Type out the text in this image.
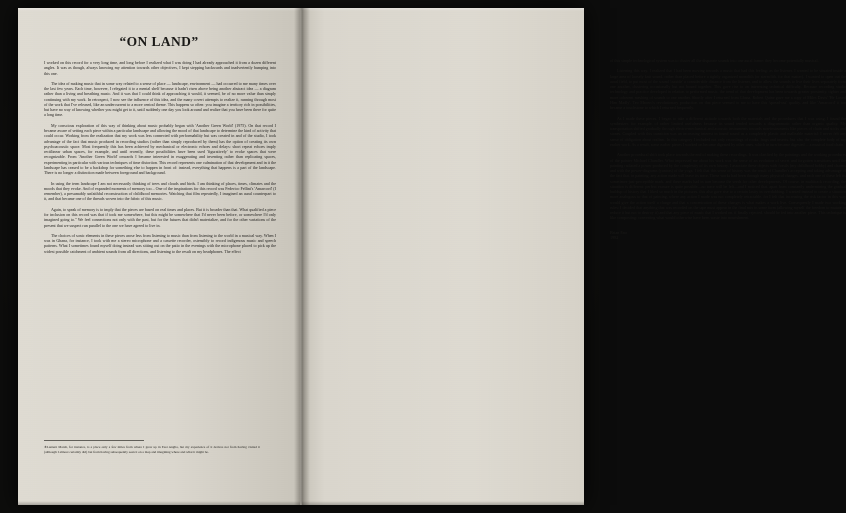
“ON LAND”

I worked on this record for a very long time, and long before I realized what I was doing I had already approached it from a dozen different angles. It was as though, always knowing my attention towards other objectives, I kept stepping backwards and inadvertently bumping into this one.

The idea of making music that in some way related to a sense of place — landscape, environment — had occurred to me many times over the last few years. Each time, however, I relegated it to a mental shelf because it hadn't risen above being another abstract idea — a diagram rather than a living and breathing music. And it was that I could think of approaching it would, it seemed, be of no more value than simply continuing with my work. In retrospect, I now see the influence of this idea, and the many covert attempts to realize it, running through most of the work that I've released, like an undercurrent to a more central theme. This happens so often: you imagine a territory rich in possibilities, but have no way of knowing whether you might get to it, until suddenly one day you look around and realize that you have been there for quite a long time.

My conscious exploration of this way of thinking about music probably began with 'Another Green World' (1975). On that record I became aware of setting each piece within a particular landscape and allowing the mood of that landscape to determine the kind of activity that could occur. Working from the realization that my work was less connected with performability but was created in and of the studio, I took advantage of the fact that music produced in recording studios (rather than simply reproduced by them) has the option of creating its own psychoacoustic space. Most frequently this has been achieved by mechanical or electronic echoes and delays: short repeat echoes imply rectilinear urban spaces, for example, and until recently, these possibilities have been used 'figuratively' to evoke spaces that were recognizable. From 'Another Green World' onwards I became interested in exaggerating and inventing rather than replicating spaces, experimenting in particular with various techniques of time distortion. This record represents one culmination of that development and in it the landscape has ceased to be a backdrop for something else to happen in front of: instead, everything that happens is a part of the landscape. There is no longer a distinction made between foreground and background.

In using the term landscape I am not necessarily thinking of trees and clouds and birds. I am thinking of places, times, climates and the moods that they evoke. And of expanded moments of memory too... One of the inspirations for this record was Federico Fellini's 'Amarcord' (I remember), a presumably unfaithful reconstruction of childhood memories. Watching that film repeatedly, I imagined an aural counterpart to it, and that became one of the threads woven into the fabric of this music.

Again, to speak of memory is to imply that the pieces are based on real times and places. But it is broader than that. What qualified a piece for inclusion on this record was that if took me somewhere, but this might be somewhere that I'd never been before, or somewhere I'd only imagined going to." We feel connections not only with the past, but for the futures that didn't materialize, and for the other variations of the present that we suspect run parallel to the one we have agreed to live in.

The choices of sonic elements in these pieces arose less from listening to music than from listening to the world in a musical way. When I was in Ghana, for instance, I took with me a stereo microphone and a cassette recorder, ostensibly to record indigenous music and speech patterns. What I sometimes found myself doing instead was sitting out on the patio in the evenings with the microphone placed to pick up the widest possible catchment of ambient sounds from all directions, and listening to the result on my headphones. The effect

∗Lantern Marsh, for instance, is a place only a few miles from where I grew up in East Anglia, but my experience of it derives not from having visited it (although I almost certainly did) but from having subsequently seen it on a map and imagining where and what it might be.

of this simple technological system was to cluster all the disparate sounds into one aural frame: they become potentially musical.

Listening this way, I realized that I had been moving towards a music that had this feeling: as the listener, I wanted to be situated inside a large area of loosely knit sound, rather than placed before a tightly organized monolith (or stereolith, for that matter). I wanted to open out the aural field, to put most of the sound 'outside' a considerable distance from the listener, and to allow the sounds to live their lives separately from one another, clustering occasionally but not bound together. This gave rise to an interesting technical difficulty. Because recording studio technology and practice developed in relation to performed music, the trend of that development has been towards greater proximity, tighter and more coherent meshing of sounds to one another. Shortly after I returned from Ghana, Robert Quine gave me a copy of Miles Davis' 'He Loved Him Madly', Teo Macero's revolutionary production on that piece seemed to me to have this 'spread-out' quality, and like 'Amarcord' it too became a touchstone to which I returned frequently.

As I made these pieces, I began to take a different attitude towards both the materials and the procedures that I was using. I found the synthesizer, for example, of rather limited usefulness because its sound tended towards a diagrammatic rather than organic quality. My transportation shifted gradually through electro-mechanical and acoustic instruments towards non-instruments like pieces of chain and sticks and stones. Coupled with this transition was an increasing interest in found sound as a completely plastic and malleable material: I never felt any sense of obligation about realism. In this category I included not only recordings of rooks, frogs and insects, but also the complete body of my earlier work. As a result, some earlier pieces I worked on became digested by other ones, which in turn became digested ... a musical food chain.

Another procedural shift took place towards the end of making these recordings. It was clarified by the paintings and the working procedures of the painter Michael Chandler. What impressed me about his work was the sense of an evolution of secret and forgotten transitions until the painting radiated a power produced by the complexity of its own history. I associate these objects with fossils (my childhood hobby) and charms and with the power-diagrams (yantras) of the yoga. I felt that this sense of history was the result of Chandler's accepting and taking advantage of the fact that, in painting, any action made will leave its trace. These works had been through many physical changes, and each one of these left its sometimes-just-perceptible mark, and these marks had in turn become the seeds for other developments. Of course, in multitrack recording, the situation is different: perfect erasure is quite possible—no trace will be left—and I noticed that, apart from constantly undermining the gradual buildup of history that I liked so much in the pictures, this also gave rise to a certain laxity in overdubbing. I wanted instead to create a situation more analogous to that of painting, where any action I made was not completely retractable, for I felt that increasing the risk factor in this way would give the action itself a charge and that a concentration of these changes is what makes a work live. Consequently I made two working rules: I decided that anything that was recorded on the tape must appear in the final mix in some form (allowing myself the freedom to mutate or reduce it but not to destroy it) and that any piece of music that I worked on, if finally rejected, should be fed into another piece. This technique is like composting: converting what would otherwise have been waste into nourishment.

Brian Eno
1982
